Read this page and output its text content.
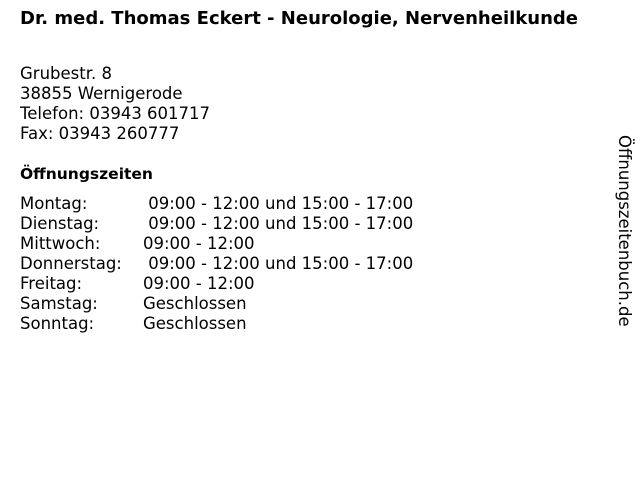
Dr. med. Thomas Eckert - Neurologie, Nervenheilkunde
Grubestr. 8
38855 Wernigerode
Telefon: 03943 601717
Fax: 03943 260777
Öffnungszeiten
Montag:	09:00 - 12:00 und 15:00 - 17:00
Dienstag:	09:00 - 12:00 und 15:00 - 17:00
Mittwoch:	09:00 - 12:00
Donnerstag:	09:00 - 12:00 und 15:00 - 17:00
Freitag:	09:00 - 12:00
Samstag:	Geschlossen
Sonntag:	Geschlossen	Öffnungszeitenbuch.de
